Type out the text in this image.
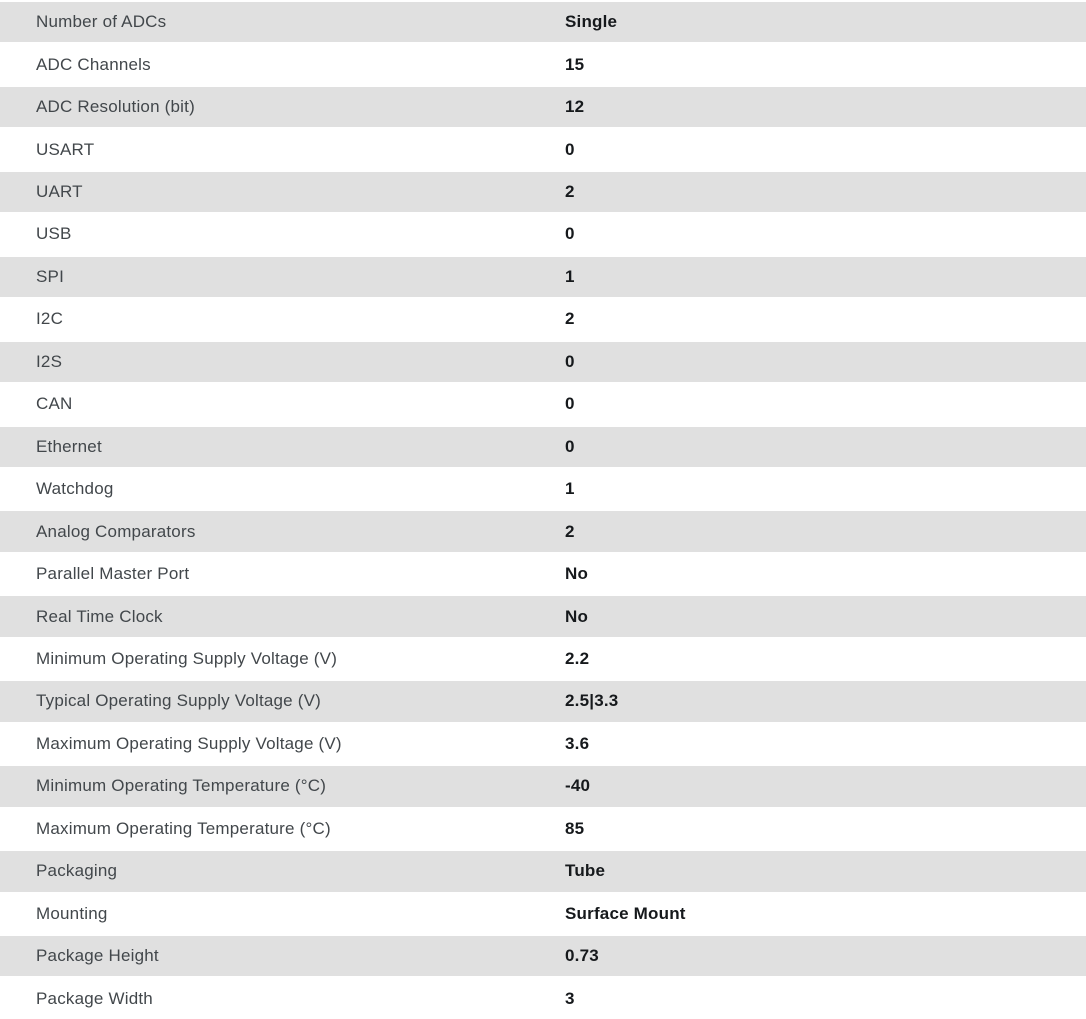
Number of ADCs	Single
ADC Channels	15
ADC Resolution (bit)	12
USART	0
UART	2
USB	0
SPI	1
I2C	2
I2S	0
CAN	0
Ethernet	0
Watchdog	1
Analog Comparators	2
Parallel Master Port	No
Real Time Clock	No
Minimum Operating Supply Voltage (V)	2.2
Typical Operating Supply Voltage (V)	2.5|3.3
Maximum Operating Supply Voltage (V)	3.6
Minimum Operating Temperature (°C)	-40
Maximum Operating Temperature (°C)	85
Packaging	Tube
Mounting	Surface Mount
Package Height	0.73
Package Width	3
